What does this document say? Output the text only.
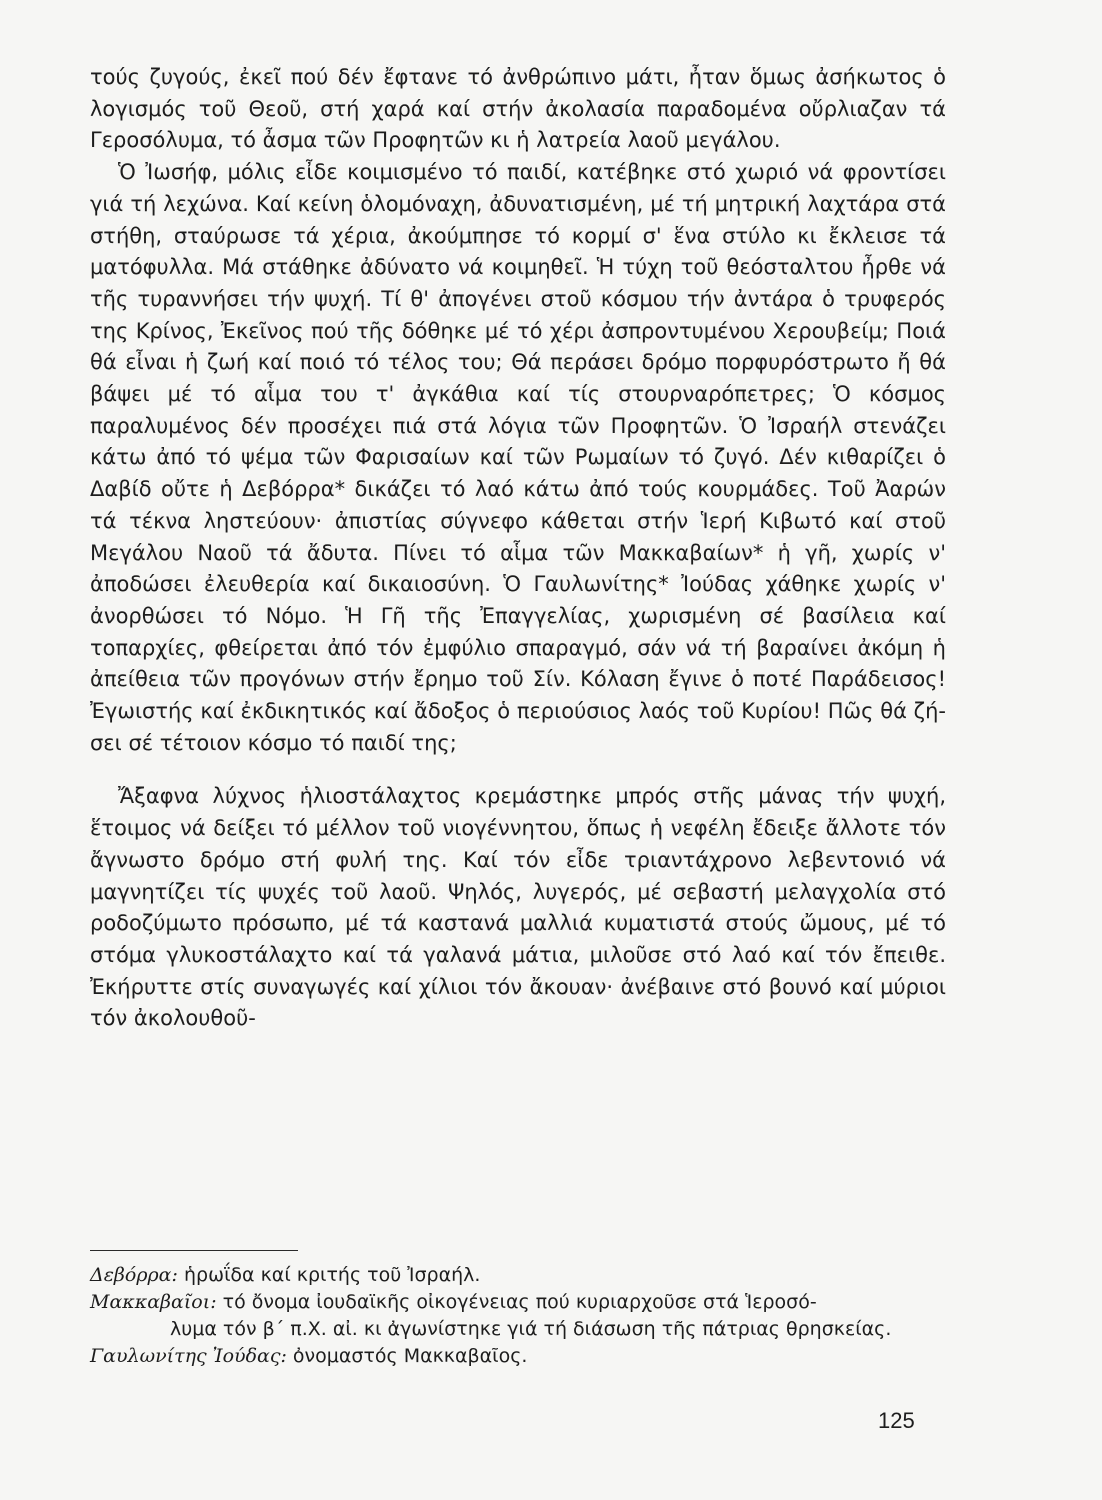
τούς ζυγούς, ἐκεῖ πού δέν ἔφτανε τό ἀνθρώπινο μάτι, ἦταν ὅμως ἀσήκωτος ὁ λογισμός τοῦ Θεοῦ, στή χαρά καί στήν ἀκολασία παραδομένα οὔρλιαζαν τά Γεροσόλυμα, τό ἆσμα τῶν Προφητῶν κι ἡ λατρεία λαοῦ μεγάλου.

Ὁ Ἰωσήφ, μόλις εἶδε κοιμισμένο τό παιδί, κατέβηκε στό χωριό νά φροντίσει γιά τή λεχώνα. Καί κείνη ὁλομόναχη, ἀδυνατισμένη, μέ τή μητρική λαχτάρα στά στήθη, σταύρωσε τά χέρια, ἀκούμπησε τό κορμί σ' ἕνα στύλο κι ἔκλεισε τά ματόφυλλα. Μά στάθηκε ἀδύνατο νά κοιμηθεῖ. Ἡ τύχη τοῦ θεόσταλτου ἦρθε νά τῆς τυραννήσει τήν ψυχή. Τί θ' ἀπογένει στοῦ κόσμου τήν ἀντάρα ὁ τρυφερός της Κρίνος, Ἐκεῖνος πού τῆς δόθηκε μέ τό χέρι ἀσπροντυμένου Χερουβείμ; Ποιά θά εἶναι ἡ ζωή καί ποιό τό τέλος του; Θά περάσει δρόμο πορφυρόστρωτο ἤ θά βάψει μέ τό αἷμα του τ' ἀγκάθια καί τίς στουρναρόπετρες; Ὁ κόσμος παραλυμένος δέν προσέχει πιά στά λόγια τῶν Προφητῶν. Ὁ Ἰσραήλ στενάζει κάτω ἀπό τό ψέμα τῶν Φαρισαίων καί τῶν Ρωμαίων τό ζυγό. Δέν κιθαρίζει ὁ Δαβίδ οὔτε ἡ Δεβόρρα* δικάζει τό λαό κάτω ἀπό τούς κουρμάδες. Τοῦ Ἀαρών τά τέκνα ληστεύουν· ἀπιστίας σύγνεφο κάθεται στήν Ἱερή Κιβωτό καί στοῦ Μεγάλου Ναοῦ τά ἄδυτα. Πίνει τό αἷμα τῶν Μακκαβαίων* ἡ γῆ, χωρίς ν' ἀποδώσει ἐλευθερία καί δικαιοσύνη. Ὁ Γαυλωνίτης* Ἰούδας χάθηκε χωρίς ν' ἀνορθώσει τό Νόμο. Ἡ Γῆ τῆς Ἐπαγγελίας, χωρισμένη σέ βασίλεια καί τοπαρχίες, φθείρεται ἀπό τόν ἐμφύλιο σπαραγμό, σάν νά τή βαραίνει ἀκόμη ἡ ἀπείθεια τῶν προγόνων στήν ἔρημο τοῦ Σίν. Κόλαση ἔγινε ὁ ποτέ Παράδεισος! Ἐγωιστής καί ἐκδικητικός καί ἄδοξος ὁ περιούσιος λαός τοῦ Κυρίου! Πῶς θά ζήσει σέ τέτοιον κόσμο τό παιδί της;

Ἄξαφνα λύχνος ἡλιοστάλαχτος κρεμάστηκε μπρός στῆς μάνας τήν ψυχή, ἕτοιμος νά δείξει τό μέλλον τοῦ νιογέννητου, ὅπως ἡ νεφέλη ἔδειξε ἄλλοτε τόν ἄγνωστο δρόμο στή φυλή της. Καί τόν εἶδε τριαντάχρονο λεβεντονιό νά μαγνητίζει τίς ψυχές τοῦ λαοῦ. Ψηλός, λυγερός, μέ σεβαστή μελαγχολία στό ροδοζύμωτο πρόσωπο, μέ τά καστανά μαλλιά κυματιστά στούς ὤμους, μέ τό στόμα γλυκοστάλαχτο καί τά γαλανά μάτια, μιλοῦσε στό λαό καί τόν ἔπειθε. Ἐκήρυττε στίς συναγωγές καί χίλιοι τόν ἄκουαν· ἀνέβαινε στό βουνό καί μύριοι τόν ἀκολουθοῦ-

Δεβόρρα: ἡρωΐδα καί κριτής τοῦ Ἰσραήλ.

Μακκαβαῖοι: τό ὄνομα ἰουδαϊκῆς οἰκογένειας πού κυριαρχοῦσε στά Ἱεροσό-
λυμα τόν β΄ π.Χ. αἰ. κι ἀγωνίστηκε γιά τή διάσωση τῆς πάτριας θρησκείας.

Γαυλωνίτης Ἰούδας: ὀνομαστός Μακκαβαῖος.

125
